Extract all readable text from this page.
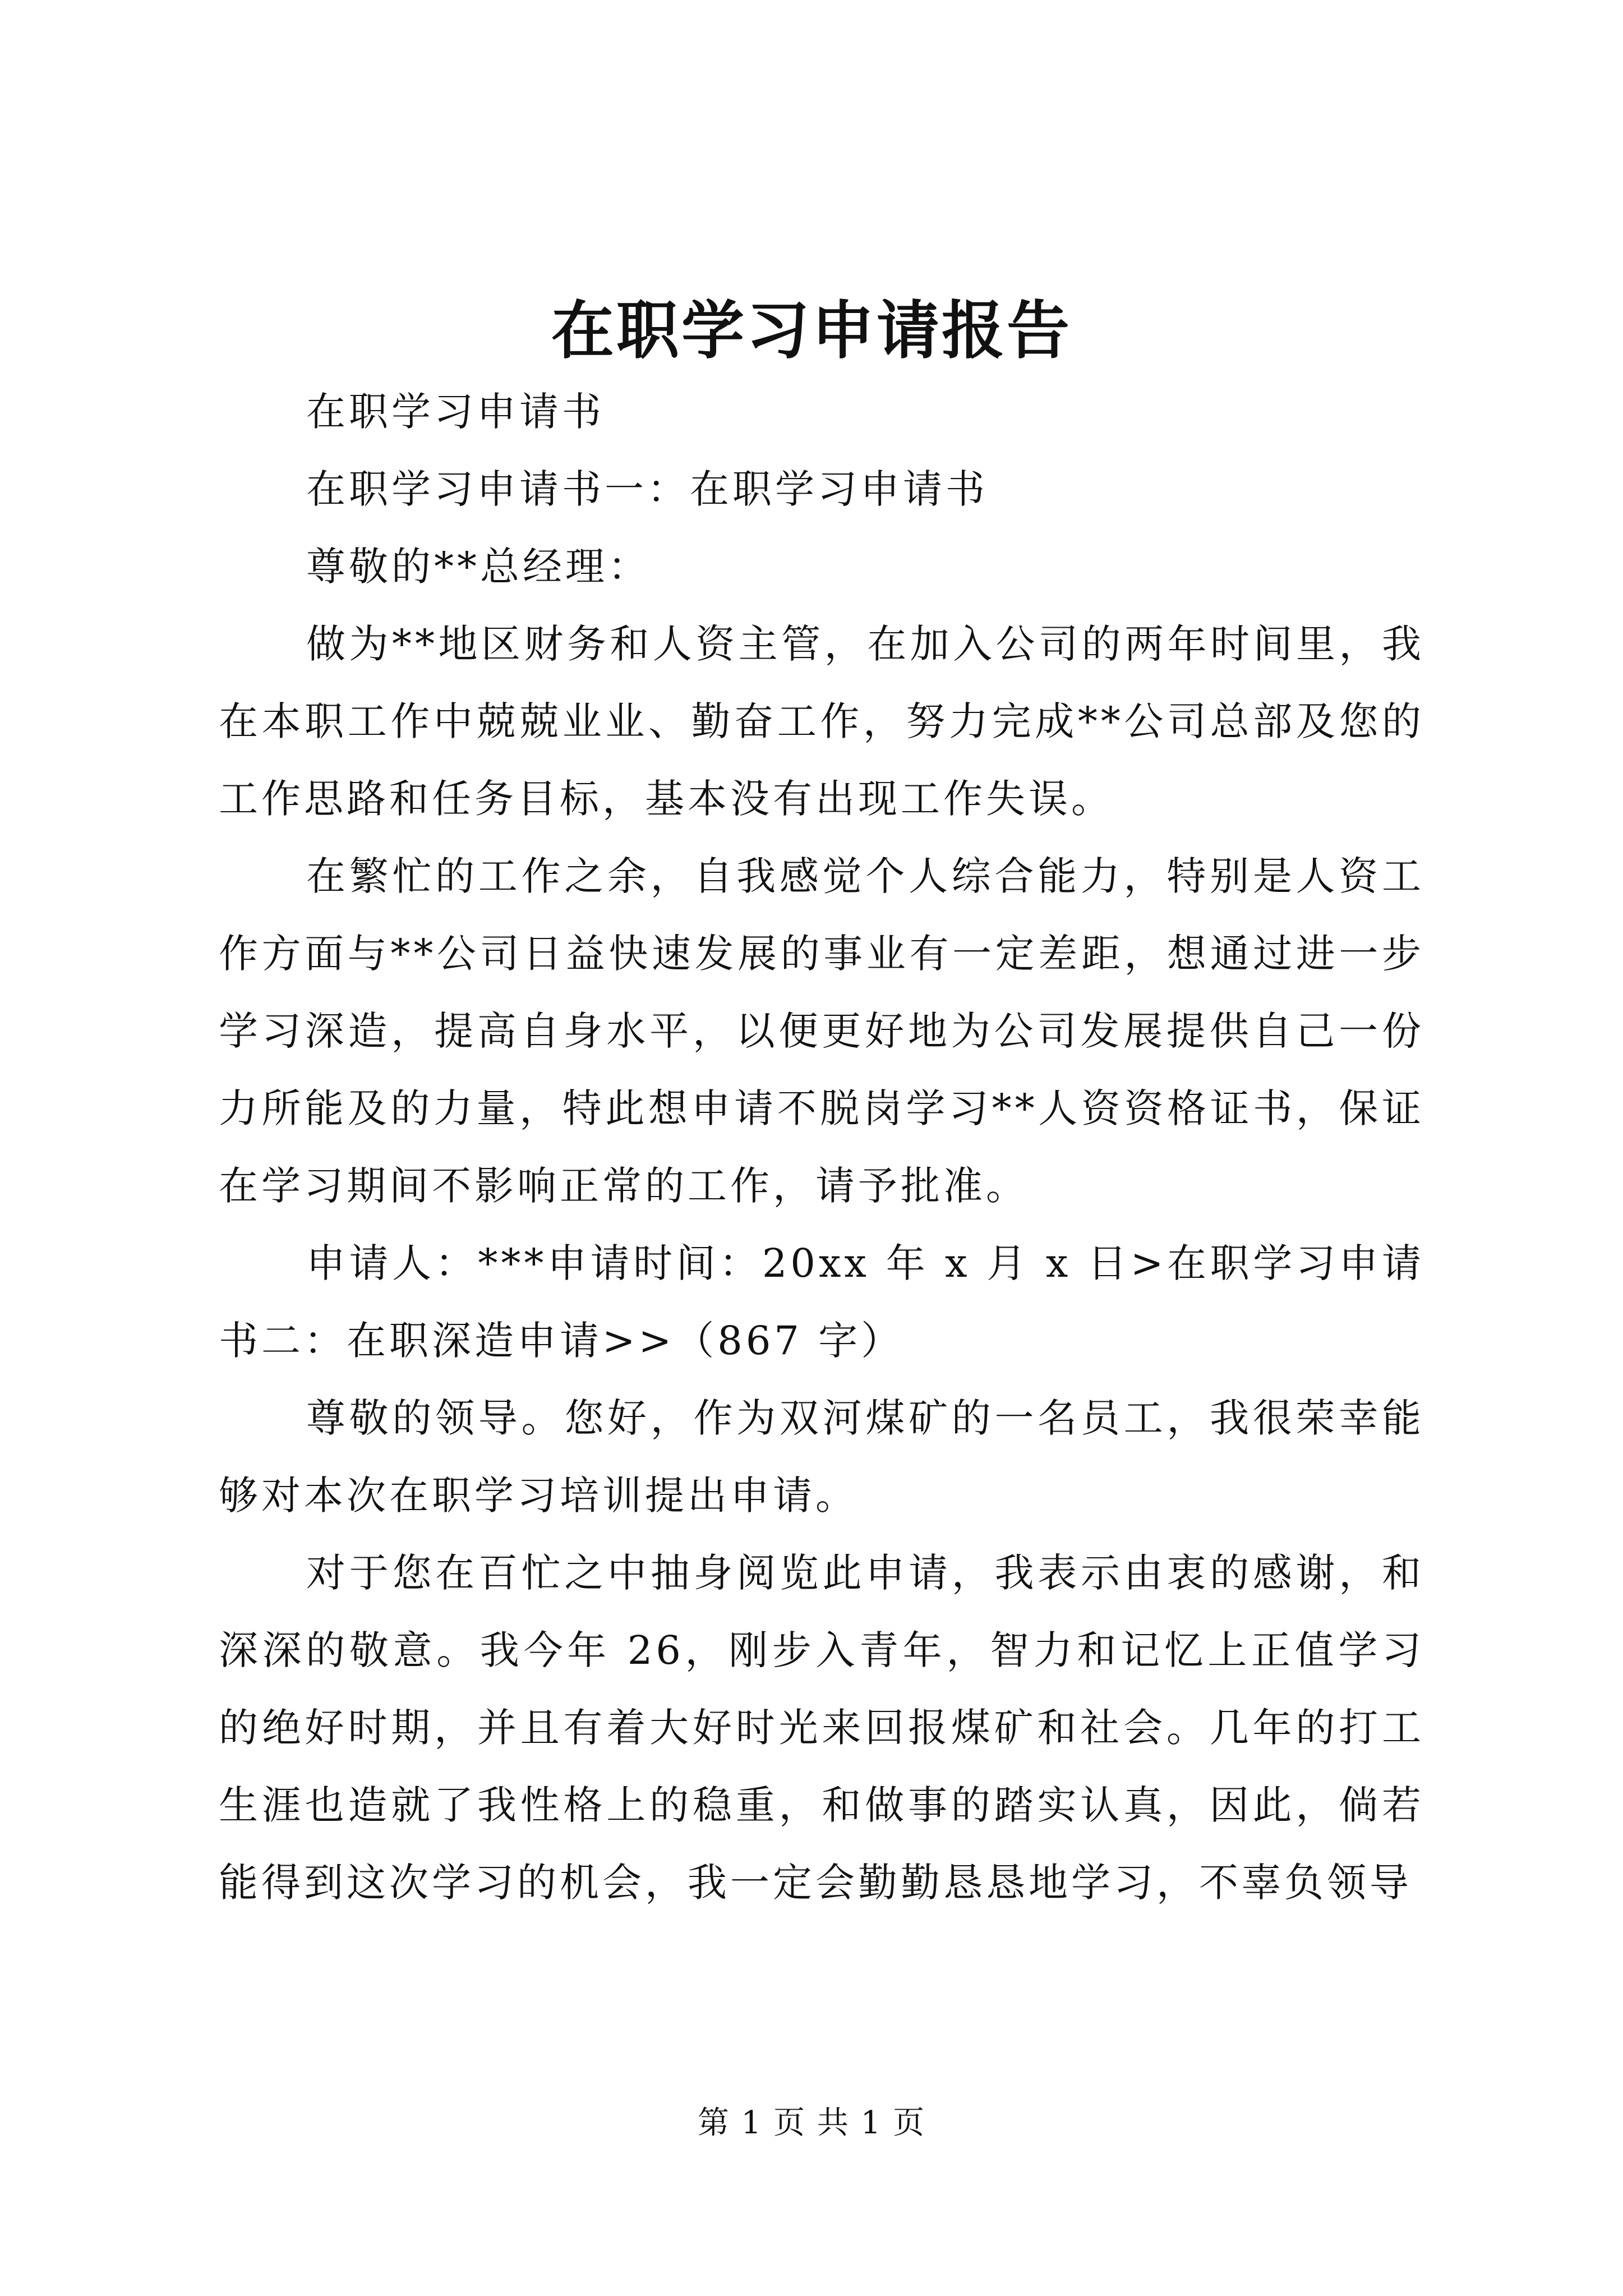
在职学习申请报告

在职学习申请书

在职学习申请书一：在职学习申请书

尊敬的**总经理：

做为**地区财务和人资主管，在加入公司的两年时间里，我在本职工作中兢兢业业、勤奋工作，努力完成**公司总部及您的工作思路和任务目标，基本没有出现工作失误。

在繁忙的工作之余，自我感觉个人综合能力，特别是人资工作方面与**公司日益快速发展的事业有一定差距，想通过进一步学习深造，提高自身水平，以便更好地为公司发展提供自己一份力所能及的力量，特此想申请不脱岗学习**人资资格证书，保证在学习期间不影响正常的工作，请予批准。

申请人：***申请时间：20xx 年 x 月 x 日>在职学习申请书二：在职深造申请>>（867 字）

尊敬的领导。您好，作为双河煤矿的一名员工，我很荣幸能够对本次在职学习培训提出申请。

对于您在百忙之中抽身阅览此申请，我表示由衷的感谢，和深深的敬意。我今年 26，刚步入青年，智力和记忆上正值学习的绝好时期，并且有着大好时光来回报煤矿和社会。几年的打工生涯也造就了我性格上的稳重，和做事的踏实认真，因此，倘若能得到这次学习的机会，我一定会勤勤恳恳地学习，不辜负领导

第 1 页 共 1 页
